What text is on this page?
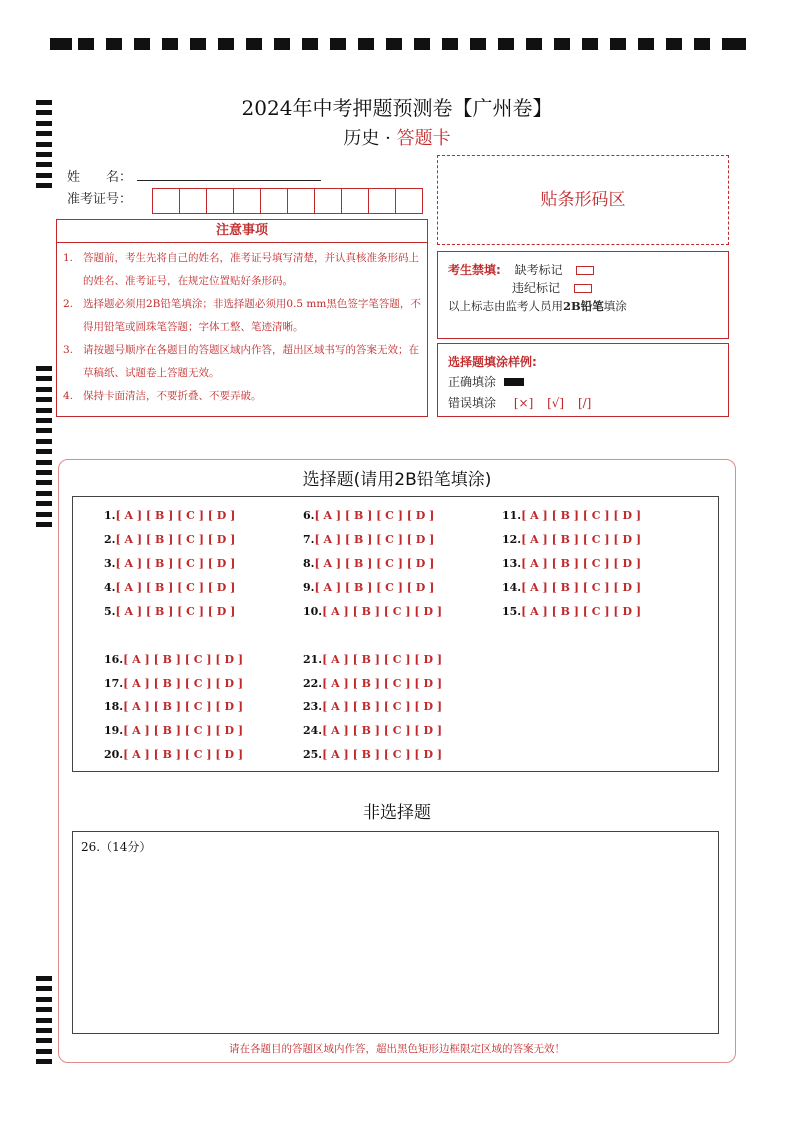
2024年中考押题预测卷【广州卷】
历史 · 答题卡
姓　　名：
准考证号：
注意事项
1. 答题前，考生先将自己的姓名，准考证号填写清楚，并认真核准条形码上的姓名、准考证号，在规定位置贴好条形码。
2. 选择题必须用2B铅笔填涂；非选择题必须用0.5 mm黑色签字笔答题，不得用铅笔或圆珠笔答题；字体工整、笔迹清晰。
3. 请按题号顺序在各题目的答题区域内作答，超出区域书写的答案无效；在草稿纸、试题卷上答题无效。
4. 保持卡面清洁，不要折叠、不要弄破。
贴条形码区
考生禁填: 缺考标记
违纪标记
以上标志由监考人员用2B铅笔填涂
选择题填涂样例:
正确填涂
错误填涂 [×] [√] [/]
选择题(请用2B铅笔填涂)
非选择题
26.（14分）
请在各题目的答题区域内作答，超出黑色矩形边框限定区域的答案无效！
1.[ A ] [ B ] [ C ] [ D ]
2.[ A ] [ B ] [ C ] [ D ]
3.[ A ] [ B ] [ C ] [ D ]
4.[ A ] [ B ] [ C ] [ D ]
5.[ A ] [ B ] [ C ] [ D ]
6.[ A ] [ B ] [ C ] [ D ]
7.[ A ] [ B ] [ C ] [ D ]
8.[ A ] [ B ] [ C ] [ D ]
9.[ A ] [ B ] [ C ] [ D ]
10.[ A ] [ B ] [ C ] [ D ]
11.[ A ] [ B ] [ C ] [ D ]
12.[ A ] [ B ] [ C ] [ D ]
13.[ A ] [ B ] [ C ] [ D ]
14.[ A ] [ B ] [ C ] [ D ]
15.[ A ] [ B ] [ C ] [ D ]
16.[ A ] [ B ] [ C ] [ D ]
17.[ A ] [ B ] [ C ] [ D ]
18.[ A ] [ B ] [ C ] [ D ]
19.[ A ] [ B ] [ C ] [ D ]
20.[ A ] [ B ] [ C ] [ D ]
21.[ A ] [ B ] [ C ] [ D ]
22.[ A ] [ B ] [ C ] [ D ]
23.[ A ] [ B ] [ C ] [ D ]
24.[ A ] [ B ] [ C ] [ D ]
25.[ A ] [ B ] [ C ] [ D ]
